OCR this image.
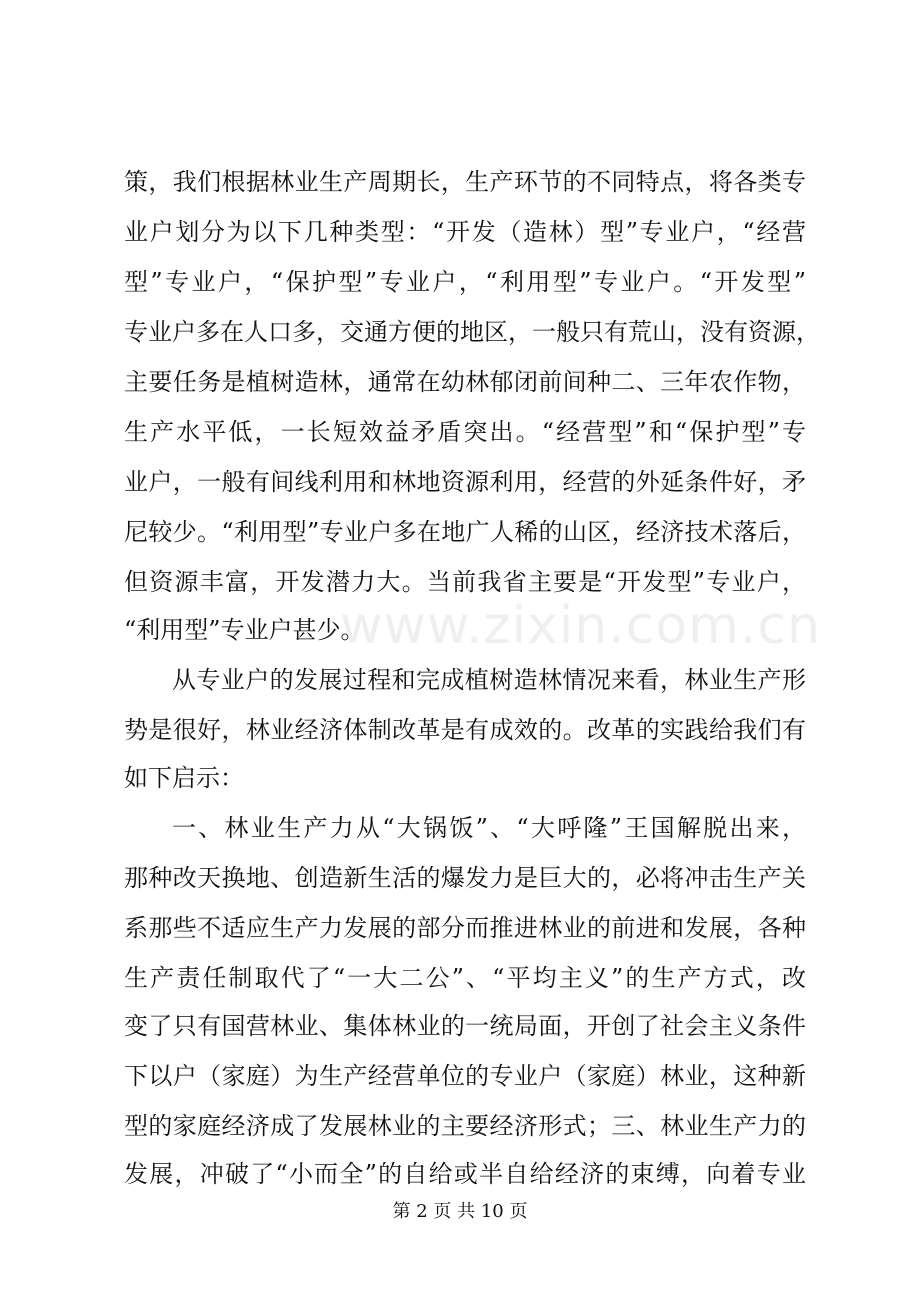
www.zixin.com.cn
策，我们根据林业生产周期长，生产环节的不同特点，将各类专
业户划分为以下几种类型：“开发（造林）型”专业户，“经营
型”专业户，“保护型”专业户，“利用型”专业户。“开发型”
专业户多在人口多，交通方便的地区，一般只有荒山，没有资源，
主要任务是植树造林，通常在幼林郁闭前间种二、三年农作物，
生产水平低，一长短效益矛盾突出。“经营型”和“保护型”专
业户，一般有间线利用和林地资源利用，经营的外延条件好，矛
尼较少。“利用型”专业户多在地广人稀的山区，经济技术落后，
但资源丰富，开发潜力大。当前我省主要是“开发型”专业户，
“利用型”专业户甚少。
从专业户的发展过程和完成植树造林情况来看，林业生产形
势是很好，林业经济体制改革是有成效的。改革的实践给我们有
如下启示：
一、林业生产力从“大锅饭”、“大呼隆”王国解脱出来，
那种改天换地、创造新生活的爆发力是巨大的，必将冲击生产关
系那些不适应生产力发展的部分而推进林业的前进和发展，各种
生产责任制取代了“一大二公”、“平均主义”的生产方式，改
变了只有国营林业、集体林业的一统局面，开创了社会主义条件
下以户（家庭）为生产经营单位的专业户（家庭）林业，这种新
型的家庭经济成了发展林业的主要经济形式；三、林业生产力的
发展，冲破了“小而全”的自给或半自给经济的束缚，向着专业
第 2 页 共 10 页
